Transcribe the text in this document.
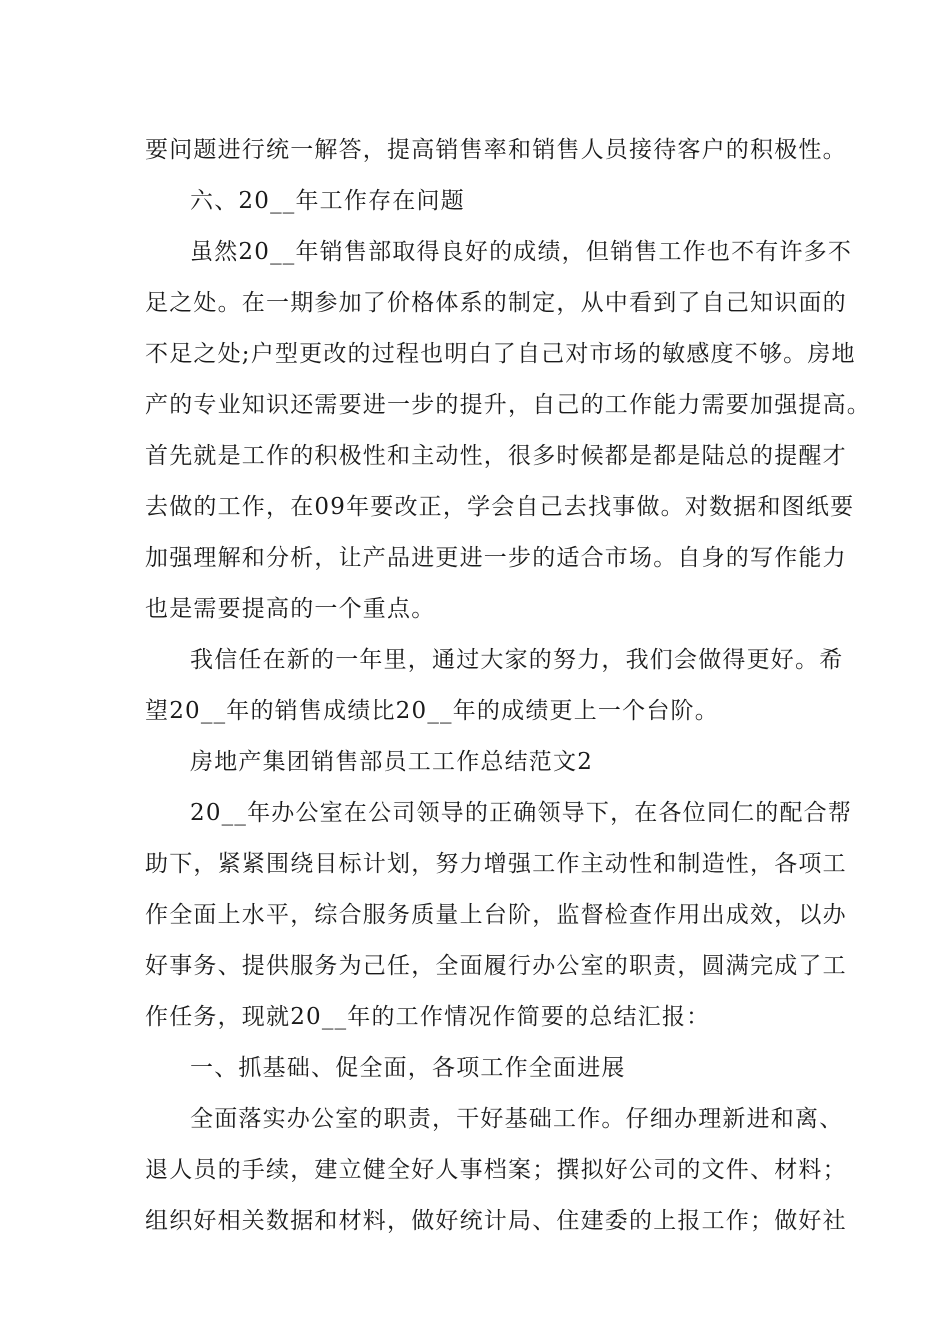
要问题进行统一解答，提高销售率和销售人员接待客户的积极性。

六、20__年工作存在问题

虽然20__年销售部取得良好的成绩，但销售工作也不有许多不

足之处。在一期参加了价格体系的制定，从中看到了自己知识面的

不足之处;户型更改的过程也明白了自己对市场的敏感度不够。房地

产的专业知识还需要进一步的提升，自己的工作能力需要加强提高。

首先就是工作的积极性和主动性，很多时候都是都是陆总的提醒才

去做的工作，在09年要改正，学会自己去找事做。对数据和图纸要

加强理解和分析，让产品进更进一步的适合市场。自身的写作能力

也是需要提高的一个重点。

我信任在新的一年里，通过大家的努力，我们会做得更好。希

望20__年的销售成绩比20__年的成绩更上一个台阶。

房地产集团销售部员工工作总结范文2

20__年办公室在公司领导的正确领导下，在各位同仁的配合帮

助下，紧紧围绕目标计划，努力增强工作主动性和制造性，各项工

作全面上水平，综合服务质量上台阶，监督检查作用出成效，以办

好事务、提供服务为己任，全面履行办公室的职责，圆满完成了工

作任务，现就20__年的工作情况作简要的总结汇报：

一、抓基础、促全面，各项工作全面进展

全面落实办公室的职责，干好基础工作。仔细办理新进和离、

退人员的手续，建立健全好人事档案；撰拟好公司的文件、材料；

组织好相关数据和材料，做好统计局、住建委的上报工作；做好社
